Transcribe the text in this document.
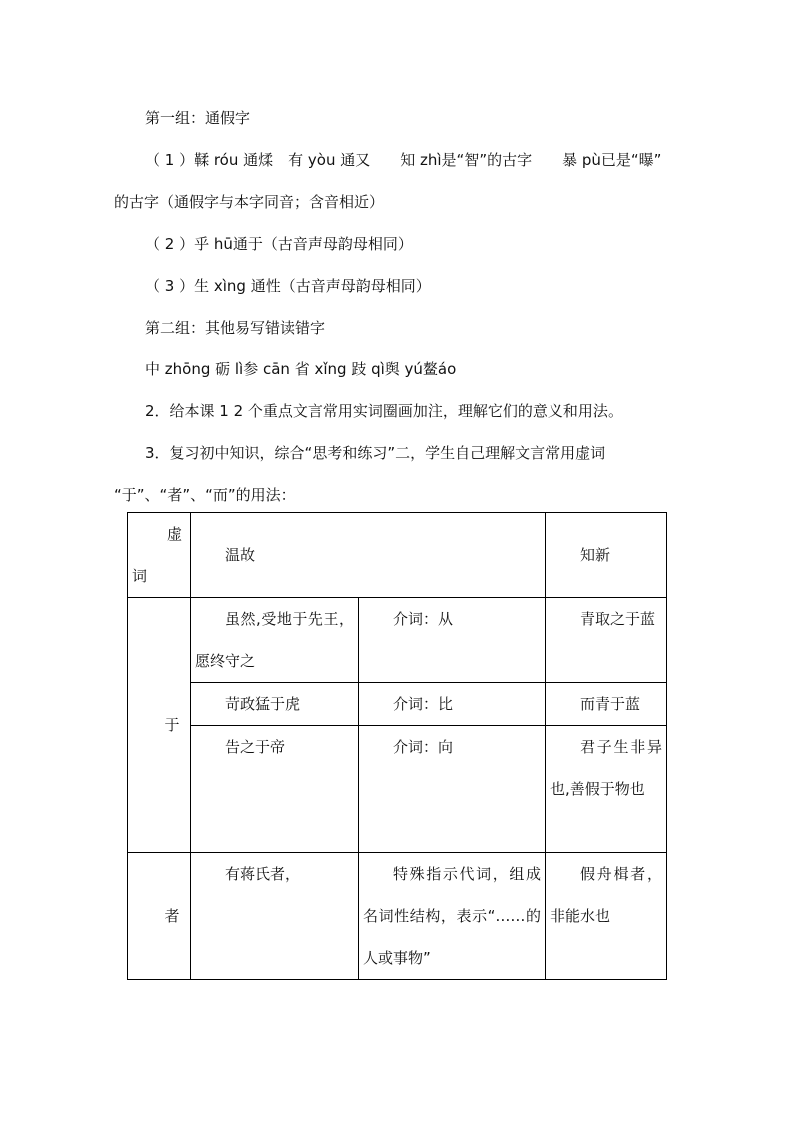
第一组：通假字
（ 1 ）鞣 róu 通煣　有 yòu 通又　　知 zhì是“智”的古字　　暴 pù已是“曝”
的古字（通假字与本字同音；含音相近）
（ 2 ）乎 hū通于（古音声母韵母相同）
（ 3 ）生 xìng 通性（古音声母韵母相同）
第二组：其他易写错读错字
中 zhōng 砺 lì参 cān 省 xǐng 跂 qì舆 yú鳌áo
2．给本课 1 2 个重点文言常用实词圈画加注，理解它们的意义和用法。
3．复习初中知识，综合“思考和练习”二，学生自己理解文言常用虚词
“于”、“者”、“而”的用法：
虚
词	温故		知新
于	虽然,受地于先王，愿终守之	介词：从	青取之于蓝
	苛政猛于虎	介词：比	而青于蓝
	告之于帝	介词：向	君子生非异也,善假于物也
者	有蒋氏者，	特殊指示代词，组成名词性结构，表示“……的人或事物”	假舟楫者，非能水也
